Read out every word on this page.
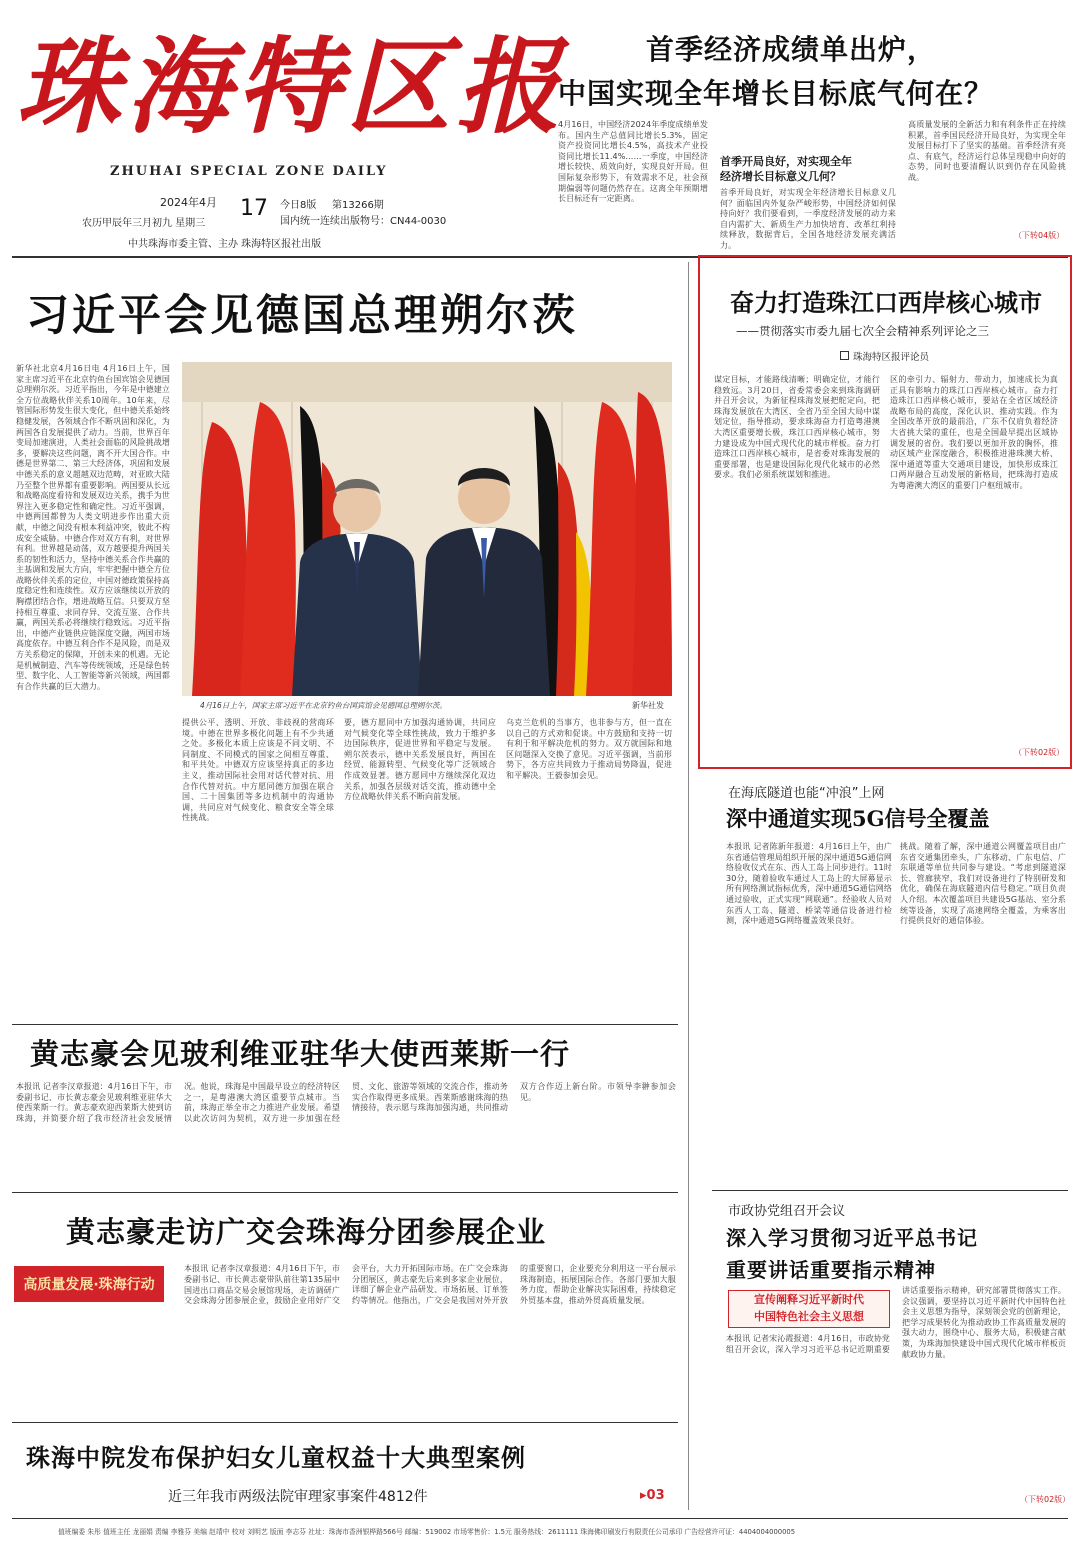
珠海特区报
ZHUHAI SPECIAL ZONE DAILY
2024年4月 17
农历甲辰年三月初九 星期三
今日8版 第13266期
国内统一连续出版物号：CN44-0030
中共珠海市委主管、主办 珠海特区报社出版
首季经济成绩单出炉，
中国实现全年增长目标底气何在？
4月16日，中国经济2024年季度成绩单发布。国内生产总值同比增长5.3%，固定资产投资同比增长4.5%，高技术产业投资同比增长11.4%……一季度，中国经济增长较快、质效向好，实现良好开局。但国际复杂形势下，有效需求不足，社会预期偏弱等问题仍然存在。这离全年预期增长目标还有一定距离。
首季开局良好，对实现全年
经济增长目标意义几何？
首季开局良好，对实现全年经济增长目标意义几何？面临国内外复杂严峻形势，中国经济如何保持向好？我们要看到，一季度经济发展的动力来自内需扩大、新质生产力加快培育、改革红利持续释放，数据背后，全国各地经济发展充满活力。
高质量发展的全新活力和有利条件正在持续积累，首季国民经济开局良好，为实现全年发展目标打下了坚实的基础。首季经济有亮点、有底气，经济运行总体呈现稳中向好的态势，同时也要清醒认识到仍存在风险挑战。
（下转04版）
习近平会见德国总理朔尔茨
新华社北京4月16日电 4月16日上午，国家主席习近平在北京钓鱼台国宾馆会见德国总理朔尔茨。习近平指出，今年是中德建立全方位战略伙伴关系10周年。10年来，尽管国际形势发生很大变化，但中德关系始终稳健发展，各领域合作不断巩固和深化，为两国各自发展提供了动力。当前，世界百年变局加速演进，人类社会面临的风险挑战增多，要解决这些问题，离不开大国合作。中德是世界第二、第三大经济体，巩固和发展中德关系的意义超越双边范畴，对亚欧大陆乃至整个世界都有重要影响。两国要从长远和战略高度看待和发展双边关系，携手为世界注入更多稳定性和确定性。习近平强调，中德两国都曾为人类文明进步作出重大贡献，中德之间没有根本利益冲突，彼此不构成安全威胁。中德合作对双方有利，对世界有利。世界越是动荡，双方越要提升两国关系的韧性和活力，坚持中德关系合作共赢的主基调和发展大方向，牢牢把握中德全方位战略伙伴关系的定位，中国对德政策保持高度稳定性和连续性。双方应该继续以开放的胸襟团结合作，增进战略互信。只要双方坚持相互尊重、求同存异、交流互鉴、合作共赢，两国关系必将继续行稳致远。习近平指出，中德产业链供应链深度交融，两国市场高度依存。中德互利合作不是风险，而是双方关系稳定的保障，开创未来的机遇。无论是机械制造、汽车等传统领域，还是绿色转型、数字化、人工智能等新兴领域，两国都有合作共赢的巨大潜力。
4月16日上午，国家主席习近平在北京钓鱼台国宾馆会见德国总理朔尔茨。	新华社发
提供公平、透明、开放、非歧视的营商环境。中德在世界多极化问题上有不少共通之处。多极化本质上应该是不同文明、不同制度、不同模式的国家之间相互尊重、和平共处。中德双方应该坚持真正的多边主义，推动国际社会用对话代替对抗、用合作代替对抗。中方愿同德方加强在联合国、二十国集团等多边机制中的沟通协调，共同应对气候变化、粮食安全等全球性挑战。
要，德方愿同中方加强沟通协调，共同应对气候变化等全球性挑战，致力于维护多边国际秩序，促进世界和平稳定与发展。朔尔茨表示，德中关系发展良好，两国在经贸、能源转型、气候变化等广泛领域合作成效显著。德方愿同中方继续深化双边关系，加强各层级对话交流，推动德中全方位战略伙伴关系不断向前发展。
乌克兰危机的当事方，也非参与方，但一直在以自己的方式劝和促谈。中方鼓励和支持一切有利于和平解决危机的努力。双方就国际和地区问题深入交换了意见。习近平强调，当前形势下，各方应共同致力于推动局势降温，促进和平解决。王毅参加会见。
奋力打造珠江口西岸核心城市
——贯彻落实市委九届七次全会精神系列评论之三
珠海特区报评论员
谋定目标，才能路线清晰；明确定位，才能行稳致远。3月20日，省委常委会来到珠海调研并召开会议，为新征程珠海发展把舵定向，把珠海发展放在大湾区、全省乃至全国大局中谋划定位，指导推动，要求珠海奋力打造粤港澳大湾区重要增长极，珠江口西岸核心城市，努力建设成为中国式现代化的城市样板。奋力打造珠江口西岸核心城市，是省委对珠海发展的重要部署，也是建设国际化现代化城市的必然要求。我们必须系统谋划和推进。
区的牵引力、辐射力、带动力，加速成长为真正具有影响力的珠江口西岸核心城市。奋力打造珠江口西岸核心城市，要站在全省区域经济战略布局的高度，深化认识、推动实践。作为全国改革开放的最前沿，广东不仅肩负着经济大省挑大梁的重任，也是全国最早提出区域协调发展的省份。我们要以更加开放的胸怀，推动区域产业深度融合，积极推进港珠澳大桥、深中通道等重大交通项目建设，加快形成珠江口两岸融合互动发展的新格局，把珠海打造成为粤港澳大湾区的重要门户枢纽城市。
（下转02版）
在海底隧道也能“冲浪”上网
深中通道实现5G信号全覆盖
本报讯 记者陈新年报道：4月16日上午，由广东省通信管理局组织开展的深中通道5G通信网络验收仪式在东、西人工岛上同步进行。11时30分，随着验收车通过人工岛上的大屏幕显示所有网络测试指标优秀，深中通道5G通信网络通过验收，正式实现“网联通”。经验收人员对东西人工岛、隧道、桥梁等通信设备进行检测，深中通道5G网络覆盖效果良好。
挑战。随着了解，深中通道公网覆盖项目由广东省交通集团牵头，广东移动、广东电信、广东联通等单位共同参与建设。“考虑到隧道深长、管廊狭窄，我们对设备进行了特别研发和优化，确保在海底隧道内信号稳定。”项目负责人介绍。本次覆盖项目共建设5G基站、室分系统等设备，实现了高速网络全覆盖，为乘客出行提供良好的通信体验。
黄志豪会见玻利维亚驻华大使西莱斯一行
本报讯 记者李汉章报道：4月16日下午，市委副书记、市长黄志豪会见玻利维亚驻华大使西莱斯一行。黄志豪欢迎西莱斯大使到访珠海，并简要介绍了我市经济社会发展情况。他说，珠海是中国最早设立的经济特区之一，是粤港澳大湾区重要节点城市。当前，珠海正举全市之力推进产业发展。希望以此次访问为契机，双方进一步加强在经贸、文化、旅游等领域的交流合作，推动务实合作取得更多成果。西莱斯感谢珠海的热情接待，表示愿与珠海加强沟通，共同推动双方合作迈上新台阶。市领导李翀参加会见。
黄志豪走访广交会珠海分团参展企业
高质量发展·珠海行动
本报讯 记者李汉章报道：4月16日下午，市委副书记、市长黄志豪带队前往第135届中国进出口商品交易会展馆现场，走访调研广交会珠海分团参展企业，鼓励企业用好广交会平台，大力开拓国际市场。在广交会珠海分团展区，黄志豪先后来到多家企业展位，详细了解企业产品研发、市场拓展、订单签约等情况。他指出，广交会是我国对外开放的重要窗口，企业要充分利用这一平台展示珠海制造，拓展国际合作。各部门要加大服务力度，帮助企业解决实际困难，持续稳定外贸基本盘，推动外贸高质量发展。
市政协党组召开会议
深入学习贯彻习近平总书记
重要讲话重要指示精神
宣传阐释习近平新时代
中国特色社会主义思想
本报讯 记者宋沁霞报道：4月16日，市政协党组召开会议，深入学习习近平总书记近期重要讲话重要指示精神，研究部署贯彻落实工作。会议强调，要坚持以习近平新时代中国特色社会主义思想为指导，深刻领会党的创新理论，把学习成果转化为推动政协工作高质量发展的强大动力，围绕中心、服务大局，积极建言献策，为珠海加快建设中国式现代化城市样板贡献政协力量。
（下转02版）
珠海中院发布保护妇女儿童权益十大典型案例
近三年我市两级法院审理家事案件4812件	▸03
值班编委 朱彤 值班主任 龙丽娟 责编 李雅芬 美编 赵靖中 校对 刘明艺 版面 李志芬 社址：珠海市香洲银桦路566号 邮编：519002 市场零售价：1.5元 服务热线：2611111 珠海佛印刷发行有限责任公司承印 广告经营许可证：4404004000005
